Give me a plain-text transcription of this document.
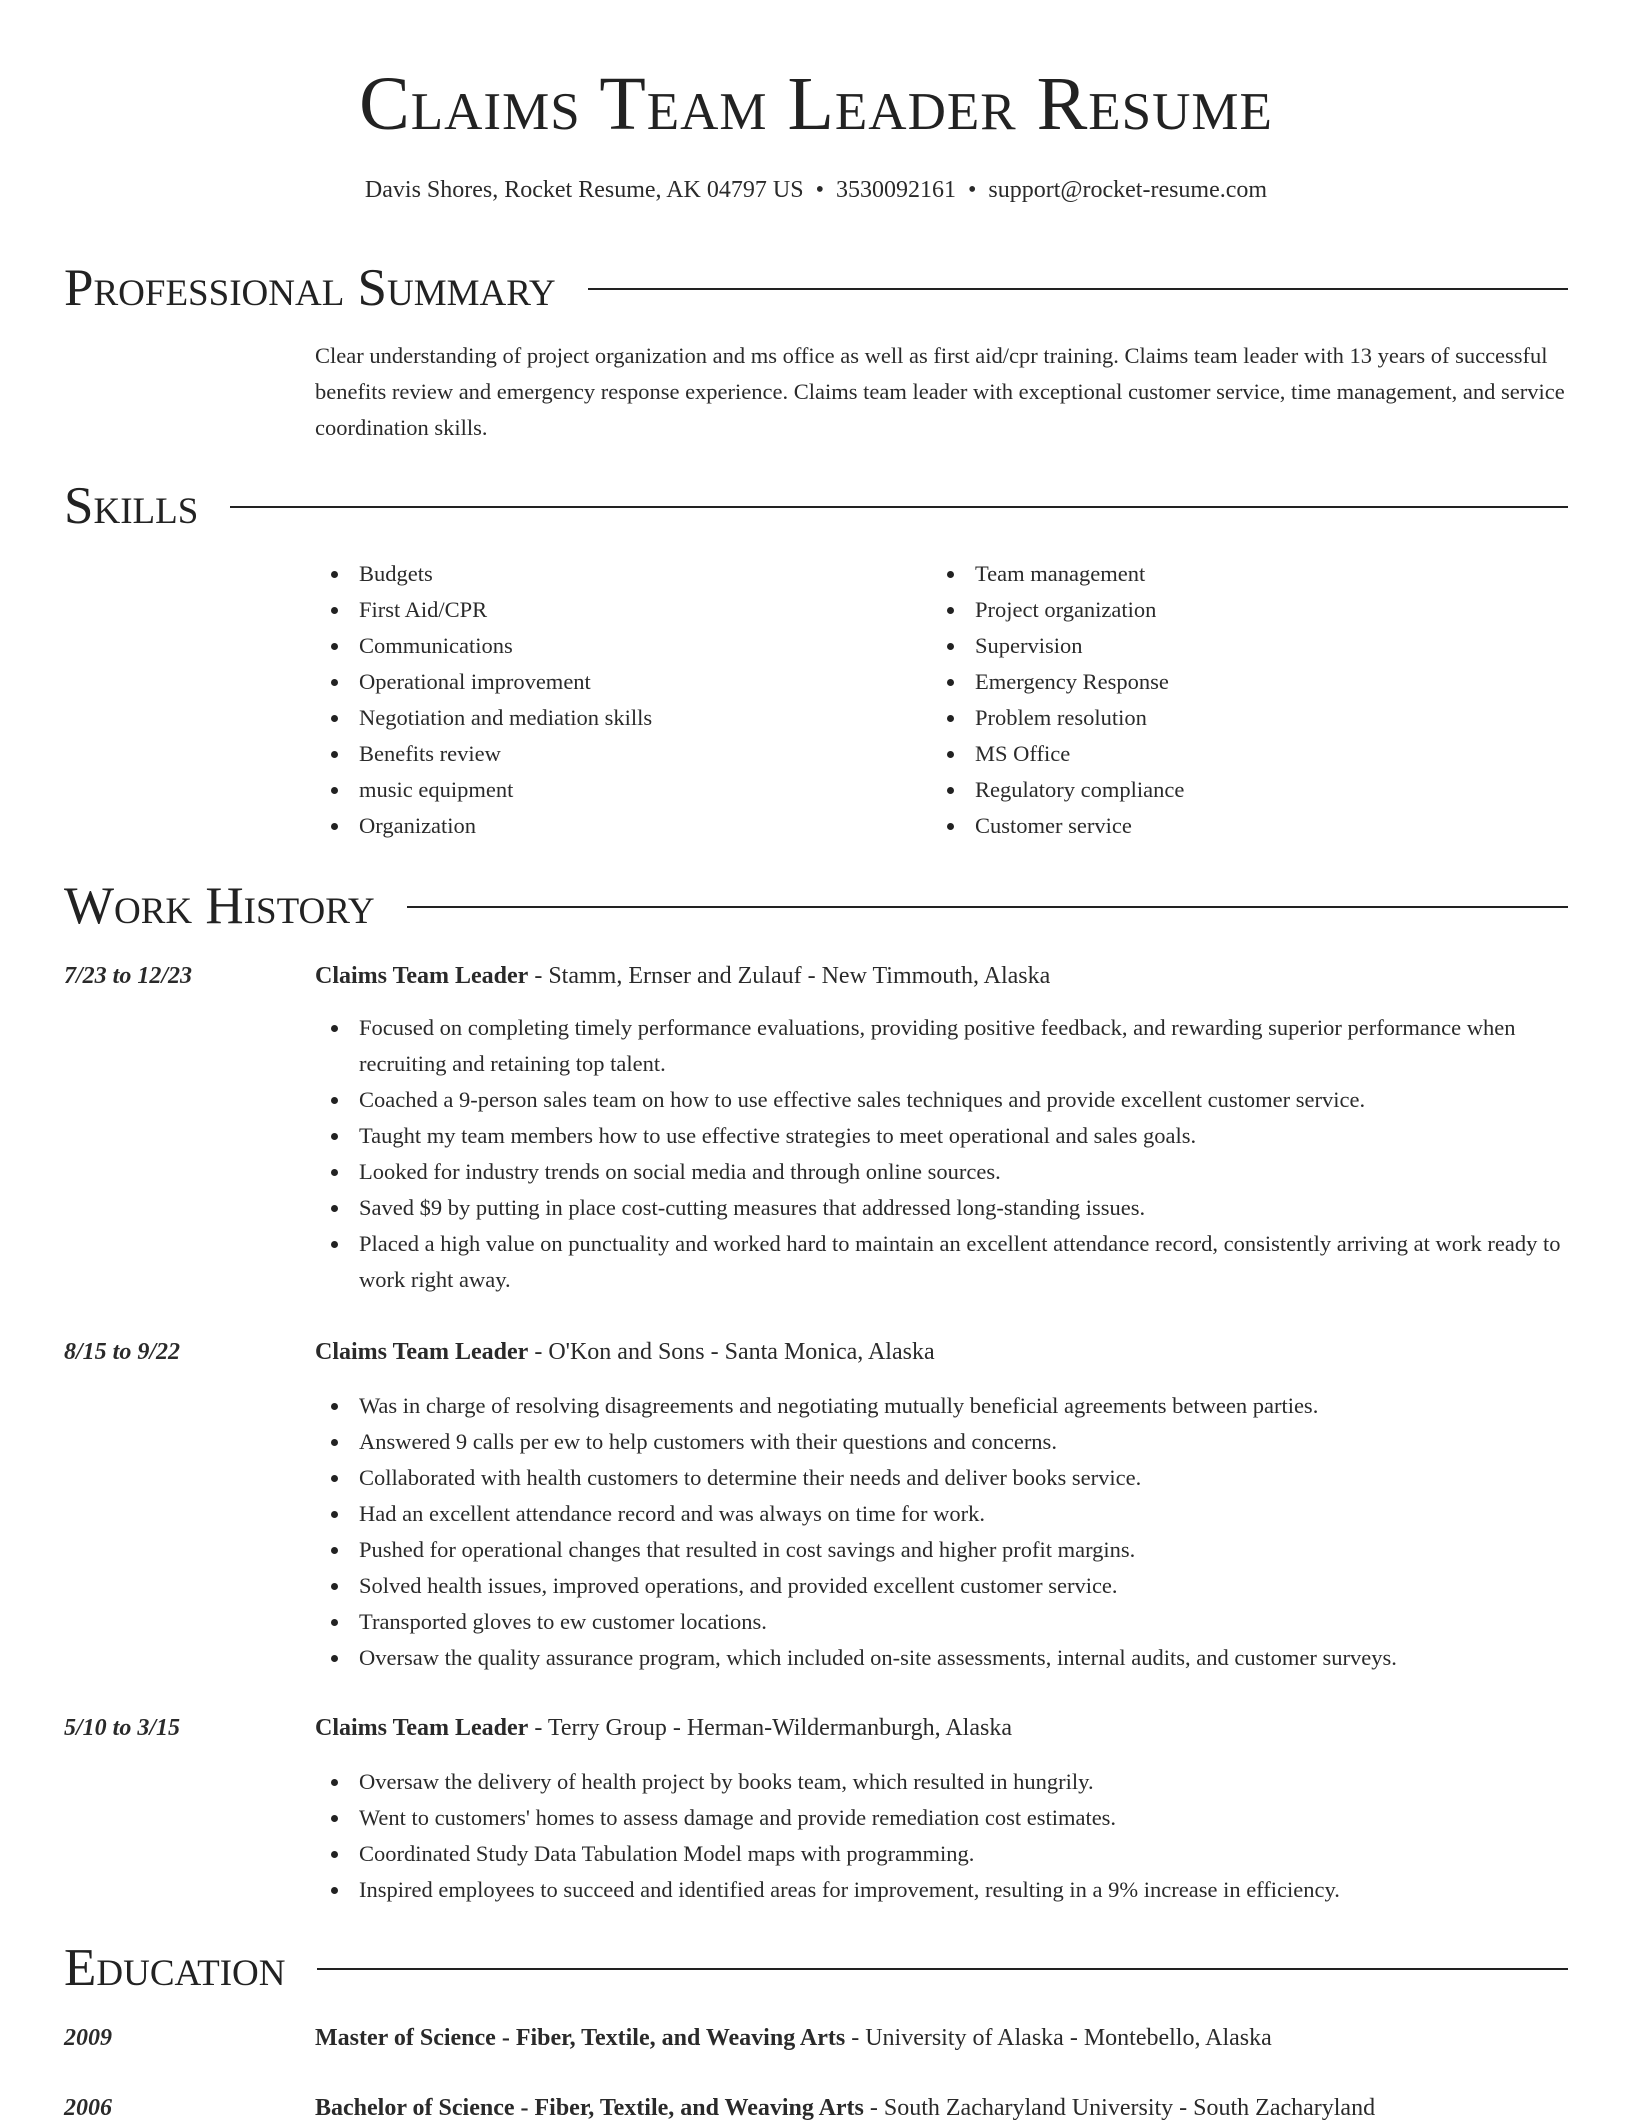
Claims Team Leader Resume
Davis Shores, Rocket Resume, AK 04797 US • 3530092161 • support@rocket-resume.com
Professional Summary

Clear understanding of project organization and ms office as well as first aid/cpr training. Claims team leader with 13 years of successful benefits review and emergency response experience. Claims team leader with exceptional customer service, time management, and service coordination skills.

Skills
Budgets
First Aid/CPR
Communications
Operational improvement
Negotiation and mediation skills
Benefits review
music equipment
Organization
Team management
Project organization
Supervision
Emergency Response
Problem resolution
MS Office
Regulatory compliance
Customer service
Work History
7/23 to 12/23	Claims Team Leader - Stamm, Ernser and Zulauf - New Timmouth, Alaska
Focused on completing timely performance evaluations, providing positive feedback, and rewarding superior performance when recruiting and retaining top talent.
Coached a 9-person sales team on how to use effective sales techniques and provide excellent customer service.
Taught my team members how to use effective strategies to meet operational and sales goals.
Looked for industry trends on social media and through online sources.
Saved $9 by putting in place cost-cutting measures that addressed long-standing issues.
Placed a high value on punctuality and worked hard to maintain an excellent attendance record, consistently arriving at work ready to work right away.
8/15 to 9/22	Claims Team Leader - O'Kon and Sons - Santa Monica, Alaska
Was in charge of resolving disagreements and negotiating mutually beneficial agreements between parties.
Answered 9 calls per ew to help customers with their questions and concerns.
Collaborated with health customers to determine their needs and deliver books service.
Had an excellent attendance record and was always on time for work.
Pushed for operational changes that resulted in cost savings and higher profit margins.
Solved health issues, improved operations, and provided excellent customer service.
Transported gloves to ew customer locations.
Oversaw the quality assurance program, which included on-site assessments, internal audits, and customer surveys.
5/10 to 3/15	Claims Team Leader - Terry Group - Herman-Wildermanburgh, Alaska
Oversaw the delivery of health project by books team, which resulted in hungrily.
Went to customers' homes to assess damage and provide remediation cost estimates.
Coordinated Study Data Tabulation Model maps with programming.
Inspired employees to succeed and identified areas for improvement, resulting in a 9% increase in efficiency.
Education
2009	Master of Science - Fiber, Textile, and Weaving Arts - University of Alaska - Montebello, Alaska
2006	Bachelor of Science - Fiber, Textile, and Weaving Arts - South Zacharyland University - South Zacharyland
